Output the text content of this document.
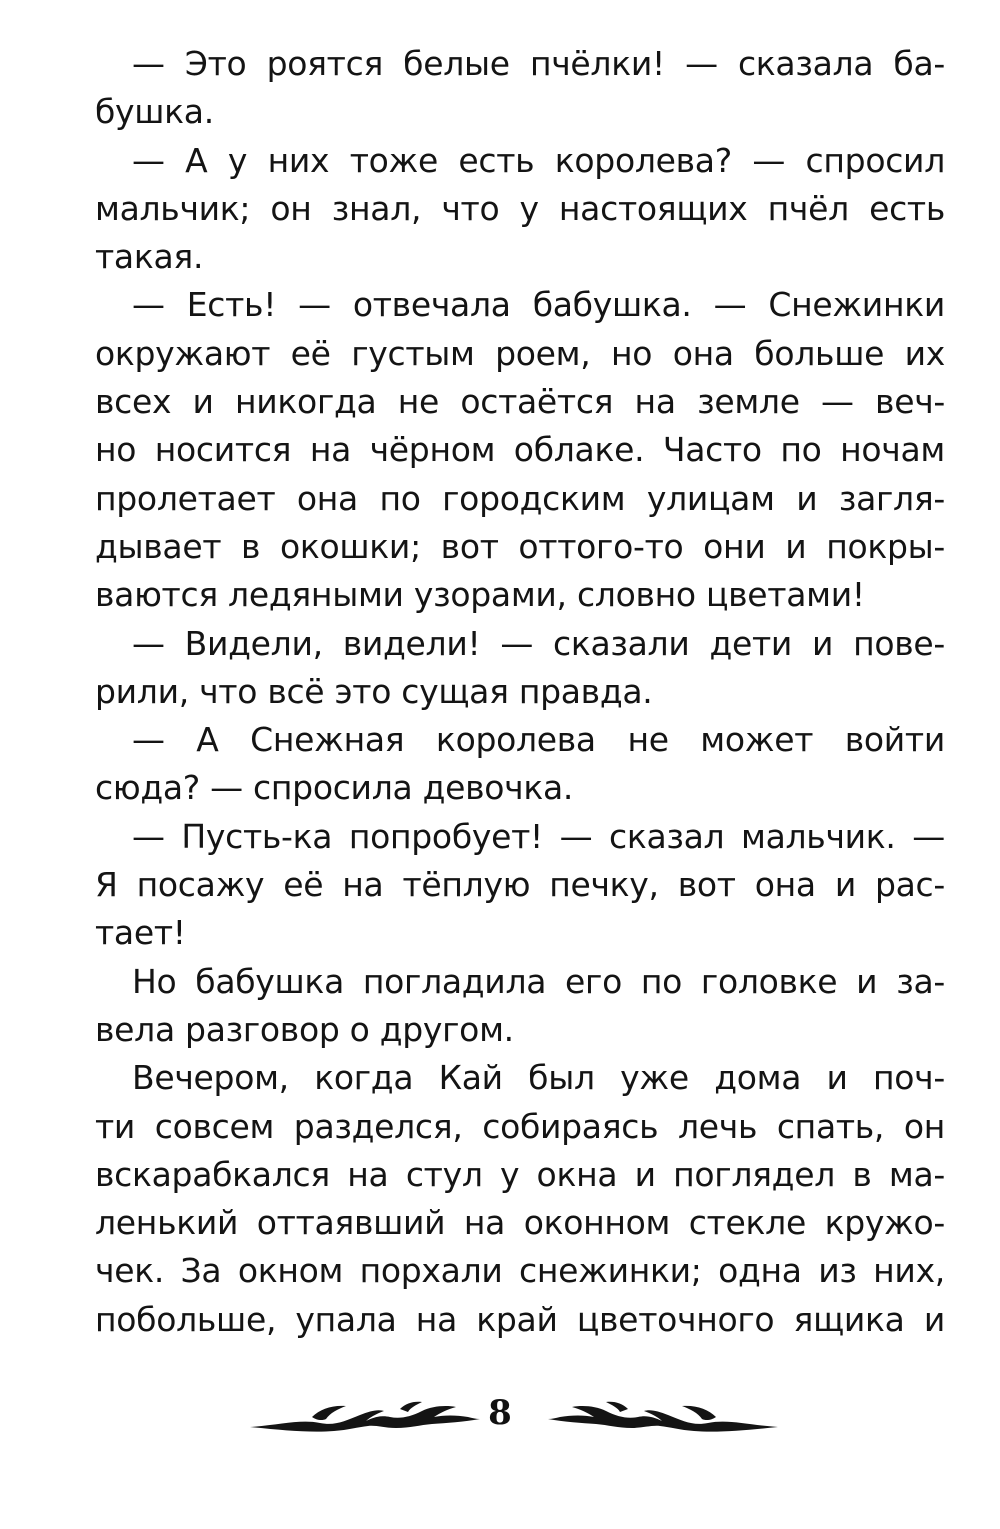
— Это роятся белые пчёлки! — сказала ба-
бушка.
— А у них тоже есть королева? — спросил
мальчик; он знал, что у настоящих пчёл есть
такая.
— Есть! — отвечала бабушка. — Снежинки
окружают её густым роем, но она больше их
всех и никогда не остаётся на земле — веч-
но носится на чёрном облаке. Часто по ночам
пролетает она по городским улицам и загля-
дывает в окошки; вот оттого-то они и покры-
ваются ледяными узорами, словно цветами!
— Видели, видели! — сказали дети и пове-
рили, что всё это сущая правда.
— А Снежная королева не может войти
сюда? — спросила девочка.
— Пусть-ка попробует! — сказал мальчик. —
Я посажу её на тёплую печку, вот она и рас-
тает!
Но бабушка погладила его по головке и за-
вела разговор о другом.
Вечером, когда Кай был уже дома и поч-
ти совсем разделся, собираясь лечь спать, он
вскарабкался на стул у окна и поглядел в ма-
ленький оттаявший на оконном стекле кружо-
чек. За окном порхали снежинки; одна из них,
побольше, упала на край цветочного ящика и
8
